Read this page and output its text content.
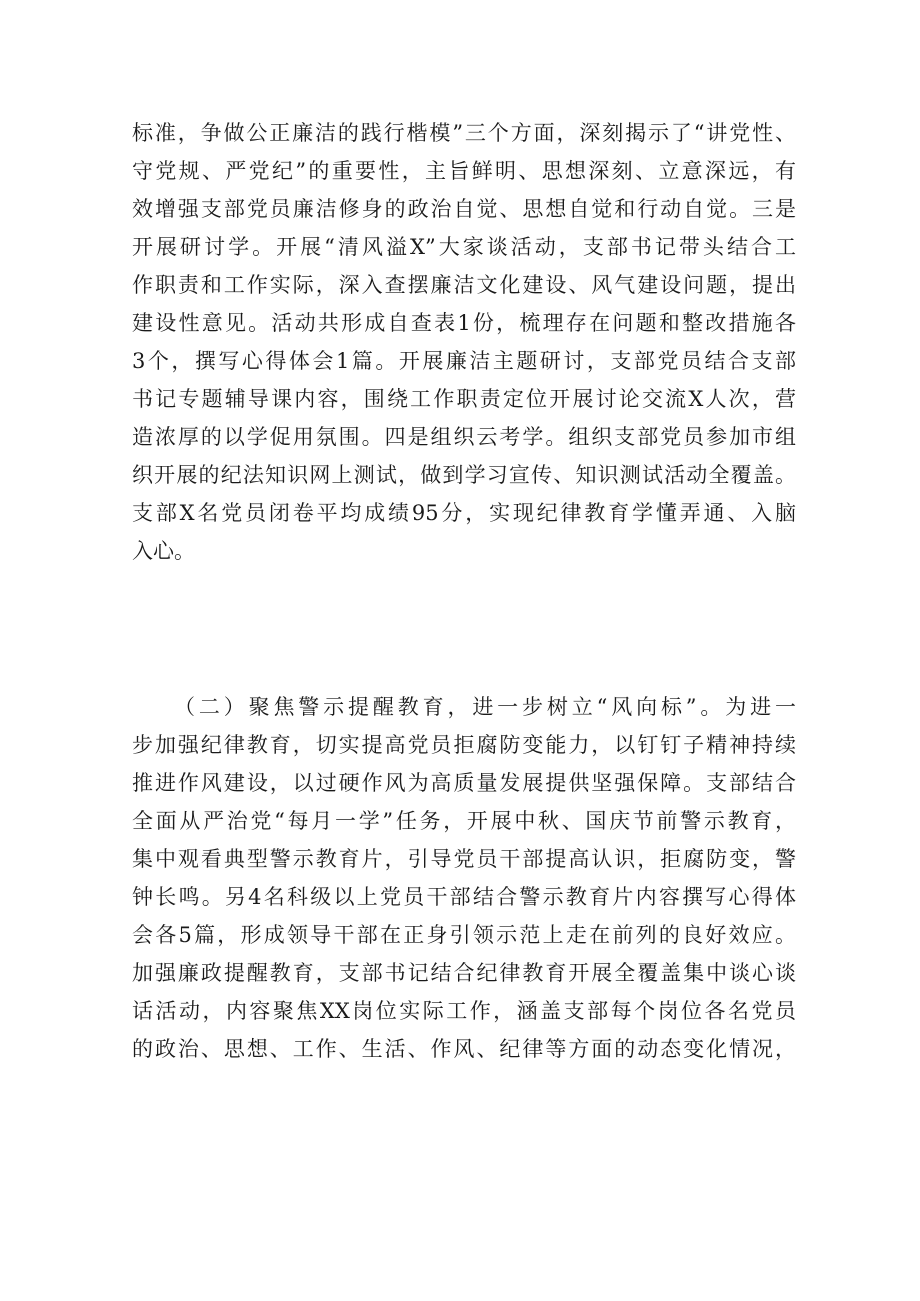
标准，争做公正廉洁的践行楷模”三个方面，深刻揭示了“讲党性、
守党规、严党纪”的重要性，主旨鲜明、思想深刻、立意深远，有
效增强支部党员廉洁修身的政治自觉、思想自觉和行动自觉。三是
开展研讨学。开展“清风溢X”大家谈活动，支部书记带头结合工
作职责和工作实际，深入查摆廉洁文化建设、风气建设问题，提出
建设性意见。活动共形成自查表1份，梳理存在问题和整改措施各
3个，撰写心得体会1篇。开展廉洁主题研讨，支部党员结合支部
书记专题辅导课内容，围绕工作职责定位开展讨论交流X人次，营
造浓厚的以学促用氛围。四是组织云考学。组织支部党员参加市组
织开展的纪法知识网上测试，做到学习宣传、知识测试活动全覆盖。
支部X名党员闭卷平均成绩95分，实现纪律教育学懂弄通、入脑
入心。
（二）聚焦警示提醒教育，进一步树立“风向标”。为进一
步加强纪律教育，切实提高党员拒腐防变能力，以钉钉子精神持续
推进作风建设，以过硬作风为高质量发展提供坚强保障。支部结合
全面从严治党“每月一学”任务，开展中秋、国庆节前警示教育，
集中观看典型警示教育片，引导党员干部提高认识，拒腐防变，警
钟长鸣。另4名科级以上党员干部结合警示教育片内容撰写心得体
会各5篇，形成领导干部在正身引领示范上走在前列的良好效应。
加强廉政提醒教育，支部书记结合纪律教育开展全覆盖集中谈心谈
话活动，内容聚焦XX岗位实际工作，涵盖支部每个岗位各名党员
的政治、思想、工作、生活、作风、纪律等方面的动态变化情况，
